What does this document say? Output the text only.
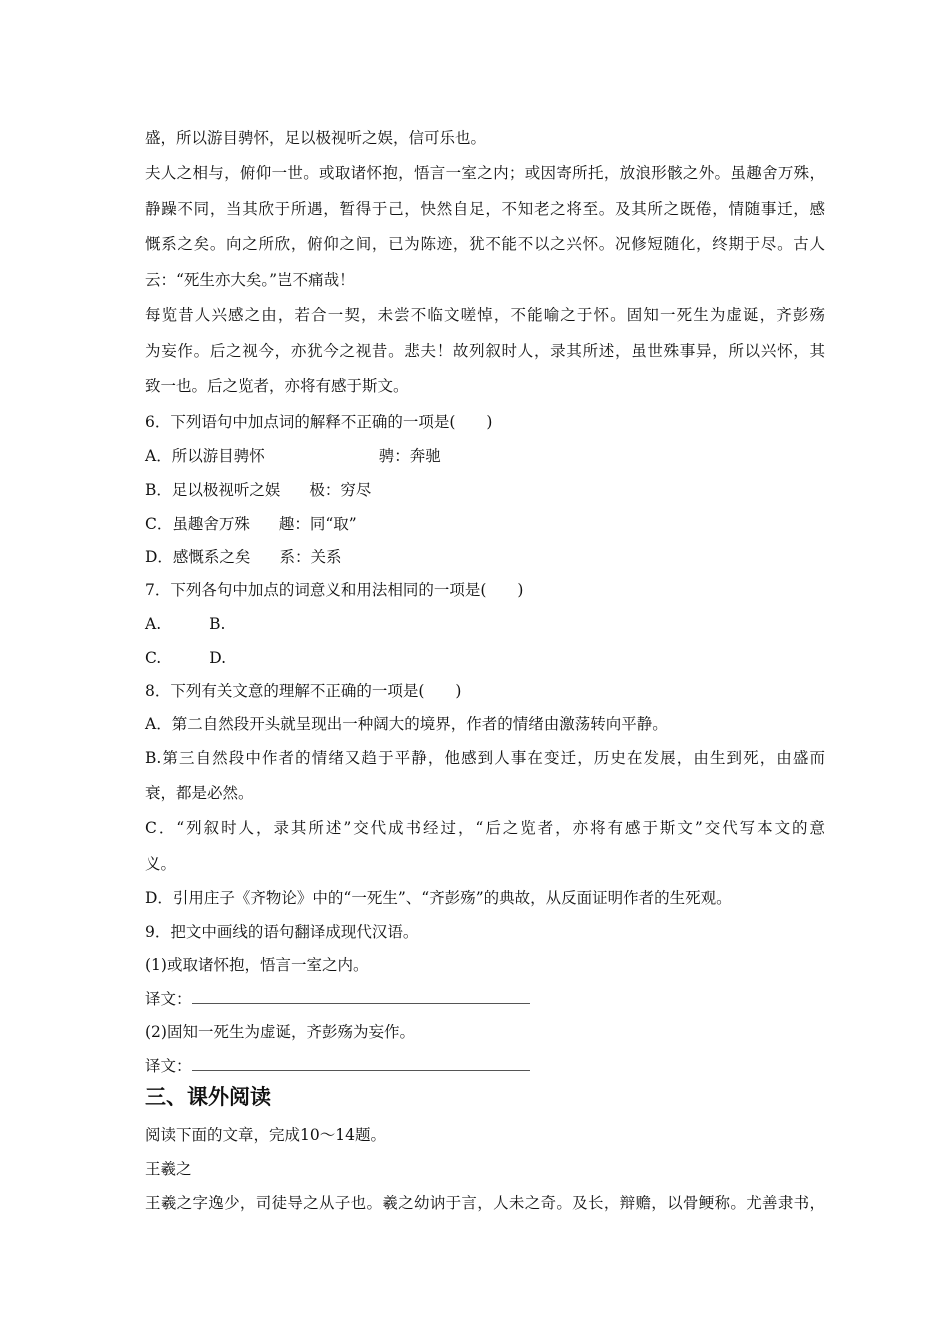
盛，所以游目骋怀，足以极视听之娱，信可乐也。
夫人之相与，俯仰一世。或取诸怀抱，悟言一室之内；或因寄所托，放浪形骸之外。虽趣舍万殊，
静躁不同，当其欣于所遇，暂得于己，快然自足，不知老之将至。及其所之既倦，情随事迁，感
慨系之矣。向之所欣，俯仰之间，已为陈迹，犹不能不以之兴怀。况修短随化，终期于尽。古人
云：“死生亦大矣。”岂不痛哉！
每览昔人兴感之由，若合一契，未尝不临文嗟悼，不能喻之于怀。固知一死生为虚诞，齐彭殇
为妄作。后之视今，亦犹今之视昔。悲夫！故列叙时人，录其所述，虽世殊事异，所以兴怀，其
致一也。后之览者，亦将有感于斯文。
6．下列语句中加点词的解释不正确的一项是(　　)
A．所以游目骋怀	骋：奔驰
B．足以极视听之娱 极：穷尽
C．虽趣舍万殊 趣：同“取”
D．感慨系之矣 系：关系
7．下列各句中加点的词意义和用法相同的一项是(　　)
A.	B.
C.	D.
8．下列有关文意的理解不正确的一项是(　　)
A．第二自然段开头就呈现出一种阔大的境界，作者的情绪由激荡转向平静。
B.第三自然段中作者的情绪又趋于平静，他感到人事在变迁，历史在发展，由生到死，由盛而
衰，都是必然。
C．“列叙时人，录其所述”交代成书经过，“后之览者，亦将有感于斯文”交代写本文的意
义。
D．引用庄子《齐物论》中的“一死生”、“齐彭殇”的典故，从反面证明作者的生死观。
9．把文中画线的语句翻译成现代汉语。
(1)或取诸怀抱，悟言一室之内。
译文：
(2)固知一死生为虚诞，齐彭殇为妄作。
译文：
三、课外阅读
阅读下面的文章，完成10～14题。
王羲之
王羲之字逸少，司徒导之从子也。羲之幼讷于言，人未之奇。及长，辩赡，以骨鲠称。尤善隶书，
